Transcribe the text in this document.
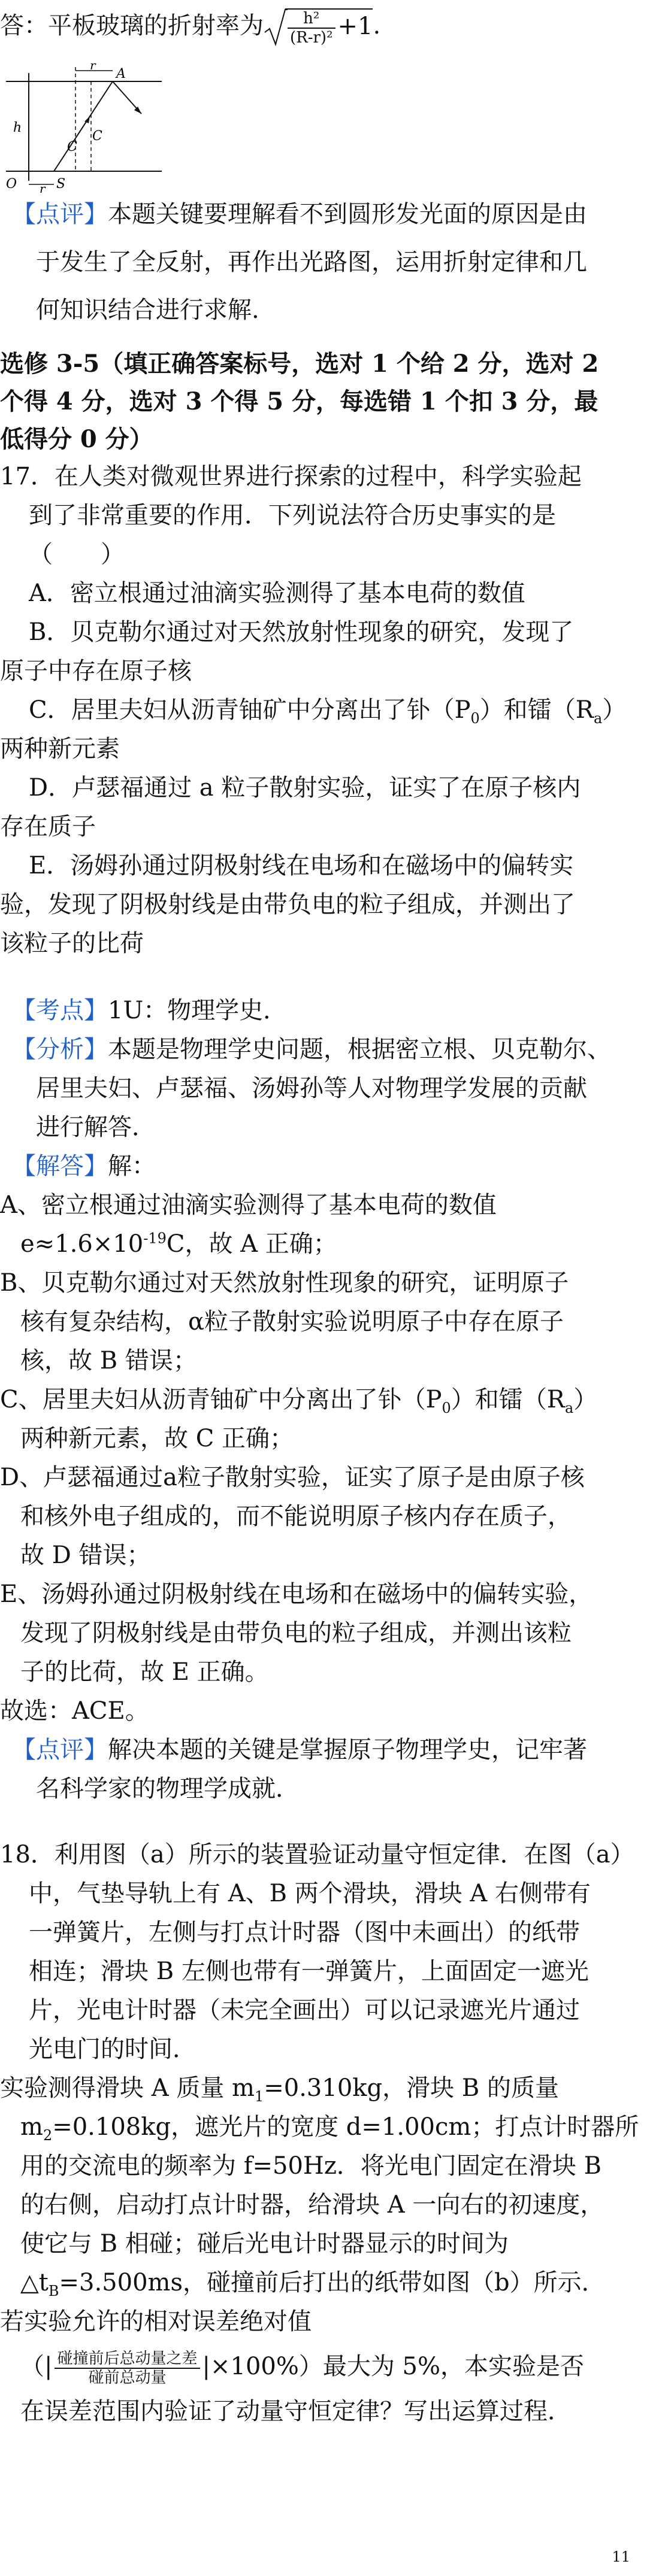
答：平板玻璃的折射率为 $\frac{\text{h²}}{\text{(R-r)²}} +1$.
r
A
h
C
C
O r S
【点评】本题关键要理解看不到圆形发光面的原因是由
于发生了全反射，再作出光路图，运用折射定律和几
何知识结合进行求解.
选修 3-5（填正确答案标号，选对 1 个给 2 分，选对 2
个得 4 分，选对 3 个得 5 分，每选错 1 个扣 3 分，最
低得分 0 分）
17．在人类对微观世界进行探索的过程中，科学实验起
到了非常重要的作用．下列说法符合历史事实的是
（　　）
A．密立根通过油滴实验测得了基本电荷的数值
B．贝克勒尔通过对天然放射性现象的研究，发现了
原子中存在原子核
C．居里夫妇从沥青铀矿中分离出了钋$(P_0)$和镭$(R_a)$
两种新元素
D．卢瑟福通过 a 粒子散射实验，证实了在原子核内
存在质子
E．汤姆孙通过阴极射线在电场和在磁场中的偏转实
验，发现了阴极射线是由带负电的粒子组成，并测出了
该粒子的比荷
【考点】1U：物理学史．
【分析】本题是物理学史问题，根据密立根、贝克勒尔、
居里夫妇、卢瑟福、汤姆孙等人对物理学发展的贡献
进行解答．
【解答】解：
A、密立根通过油滴实验测得了基本电荷的数值
$e\approx 1.6\times 10^{-19}C$，故 A 正确；
B、贝克勒尔通过对天然放射性现象的研究，证明原子
核有复杂结构，α粒子散射实验说明原子中存在原子
核，故 B 错误；
C、居里夫妇从沥青铀矿中分离出了钋$(P_0)$和镭$(R_a)$
两种新元素，故 C 正确；
D、卢瑟福通过a粒子散射实验，证实了原子是由原子核
和核外电子组成的，而不能说明原子核内存在质子，
故 D 错误；
E、汤姆孙通过阴极射线在电场和在磁场中的偏转实验，
发现了阴极射线是由带负电的粒子组成，并测出该粒
子的比荷，故 E 正确。
故选：ACE。
【点评】解决本题的关键是掌握原子物理学史，记牢著
名科学家的物理学成就．
18．利用图（a）所示的装置验证动量守恒定律．在图（a）
中，气垫导轨上有 A、B 两个滑块，滑块 A 右侧带有
一弹簧片，左侧与打点计时器（图中未画出）的纸带
相连；滑块 B 左侧也带有一弹簧片，上面固定一遮光
片，光电计时器（未完全画出）可以记录遮光片通过
光电门的时间．
实验测得滑块 A 质量 $m_1=0.310kg$，滑块 B 的质量
$m_2=0.108kg$，遮光片的宽度 d=1.00cm；打点计时器所
用的交流电的频率为 f=50Hz．将光电门固定在滑块 B
的右侧，启动打点计时器，给滑块 A 一向右的初速度，
使它与 B 相碰；碰后光电计时器显示的时间为
$\triangle t_B=3.500ms$，碰撞前后打出的纸带如图（b）所示．
若实验允许的相对误差绝对值
（| $\frac{\text{碰撞前后总动量之差}}{\text{碰前总动量}} |\times 100\%$）最大为 5%，本实验是否
在误差范围内验证了动量守恒定律？写出运算过程．
11
